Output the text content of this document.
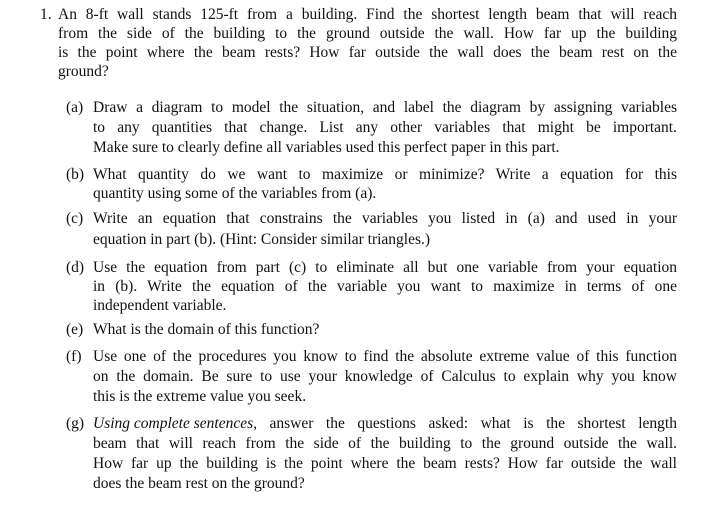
1. An 8-ft wall stands 125-ft from a building. Find the shortest length beam that will reach
from the side of the building to the ground outside the wall. How far up the building
is the point where the beam rests? How far outside the wall does the beam rest on the
ground?
(a) Draw a diagram to model the situation, and label the diagram by assigning variables
to any quantities that change. List any other variables that might be important.
Make sure to clearly define all variables used this perfect paper in this part.
(b) What quantity do we want to maximize or minimize? Write a equation for this
quantity using some of the variables from (a).
(c) Write an equation that constrains the variables you listed in (a) and used in your
equation in part (b). (Hint: Consider similar triangles.)
(d) Use the equation from part (c) to eliminate all but one variable from your equation
in (b). Write the equation of the variable you want to maximize in terms of one
independent variable.
(e) What is the domain of this function?
(f) Use one of the procedures you know to find the absolute extreme value of this function
on the domain. Be sure to use your knowledge of Calculus to explain why you know
this is the extreme value you seek.
(g) Using complete sentences, answer the questions asked: what is the shortest length
beam that will reach from the side of the building to the ground outside the wall.
How far up the building is the point where the beam rests? How far outside the wall
does the beam rest on the ground?
